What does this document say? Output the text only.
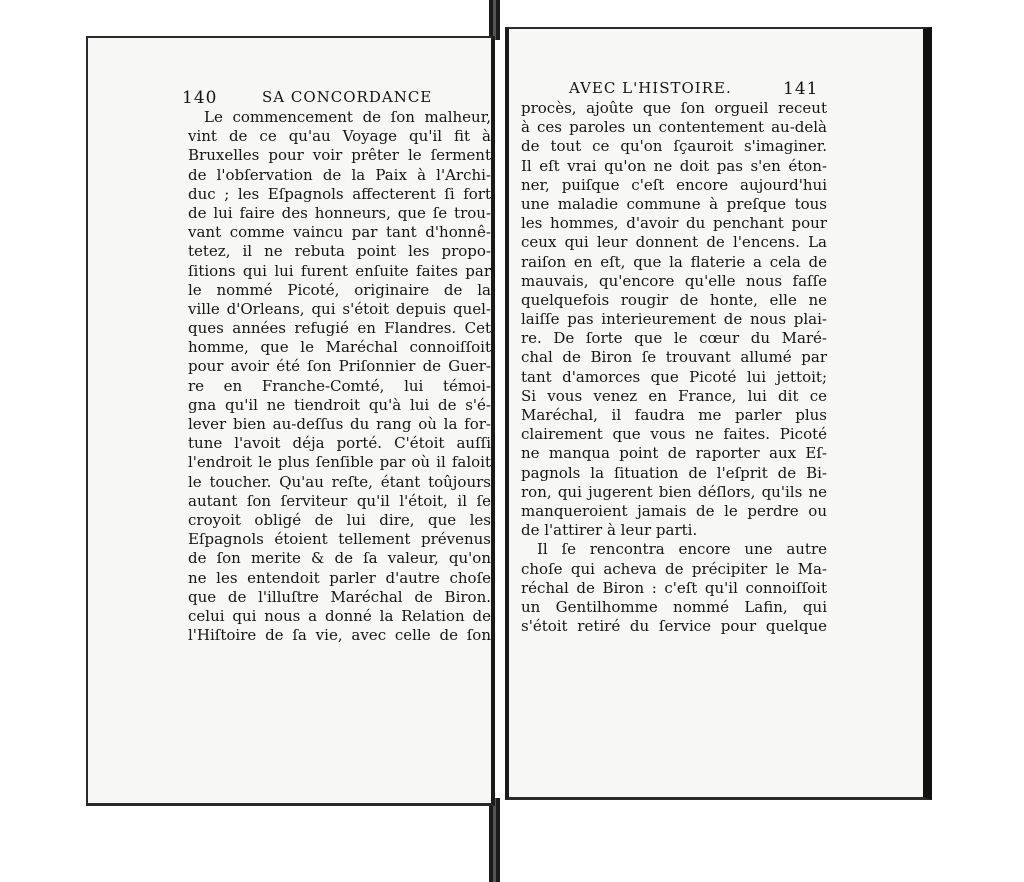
140	SA CONCORDANCE
Le commencement de ſon malheur,
vint de ce qu'au Voyage qu'il fit à
Bruxelles pour voir prêter le ſerment
de l'obſervation de la Paix à l'Archi-
duc ; les Eſpagnols affecterent ſi fort
de lui faire des honneurs, que ſe trou-
vant comme vaincu par tant d'honnê-
tetez, il ne rebuta point les propo-
ſitions qui lui furent enſuite faites par
le nommé Picoté, originaire de la
ville d'Orleans, qui s'étoit depuis quel-
ques années refugié en Flandres. Cet
homme, que le Maréchal connoiſſoit
pour avoir été ſon Priſonnier de Guer-
re en Franche-Comté, lui témoi-
gna qu'il ne tiendroit qu'à lui de s'é-
lever bien au-deſſus du rang où la for-
tune l'avoit déja porté. C'étoit auſſi
l'endroit le plus ſenſible par où il faloit
le toucher. Qu'au reſte, étant toûjours
autant ſon ſerviteur qu'il l'étoit, il ſe
croyoit obligé de lui dire, que les
Eſpagnols étoient tellement prévenus
de ſon merite & de ſa valeur, qu'on
ne les entendoit parler d'autre choſe
que de l'illuſtre Maréchal de Biron.
celui qui nous a donné la Relation de
l'Hiſtoire de ſa vie, avec celle de ſon
AVEC L'HISTOIRE.	141
procès, ajoûte que ſon orgueil receut
à ces paroles un contentement au-delà
de tout ce qu'on ſçauroit s'imaginer.
Il eſt vrai qu'on ne doit pas s'en éton-
ner, puiſque c'eſt encore aujourd'hui
une maladie commune à preſque tous
les hommes, d'avoir du penchant pour
ceux qui leur donnent de l'encens. La
raiſon en eſt, que la flaterie a cela de
mauvais, qu'encore qu'elle nous faſſe
quelquefois rougir de honte, elle ne
laiſſe pas interieurement de nous plai-
re. De ſorte que le cœur du Maré-
chal de Biron ſe trouvant allumé par
tant d'amorces que Picoté lui jettoit;
Si vous venez en France, lui dit ce
Maréchal, il faudra me parler plus
clairement que vous ne faites. Picoté
ne manqua point de raporter aux Eſ-
pagnols la ſituation de l'eſprit de Bi-
ron, qui jugerent bien déſlors, qu'ils ne
manqueroient jamais de le perdre ou
de l'attirer à leur parti.
Il ſe rencontra encore une autre
choſe qui acheva de précipiter le Ma-
réchal de Biron : c'eſt qu'il connoiſſoit
un Gentilhomme nommé Lafin, qui
s'étoit retiré du ſervice pour quelque
